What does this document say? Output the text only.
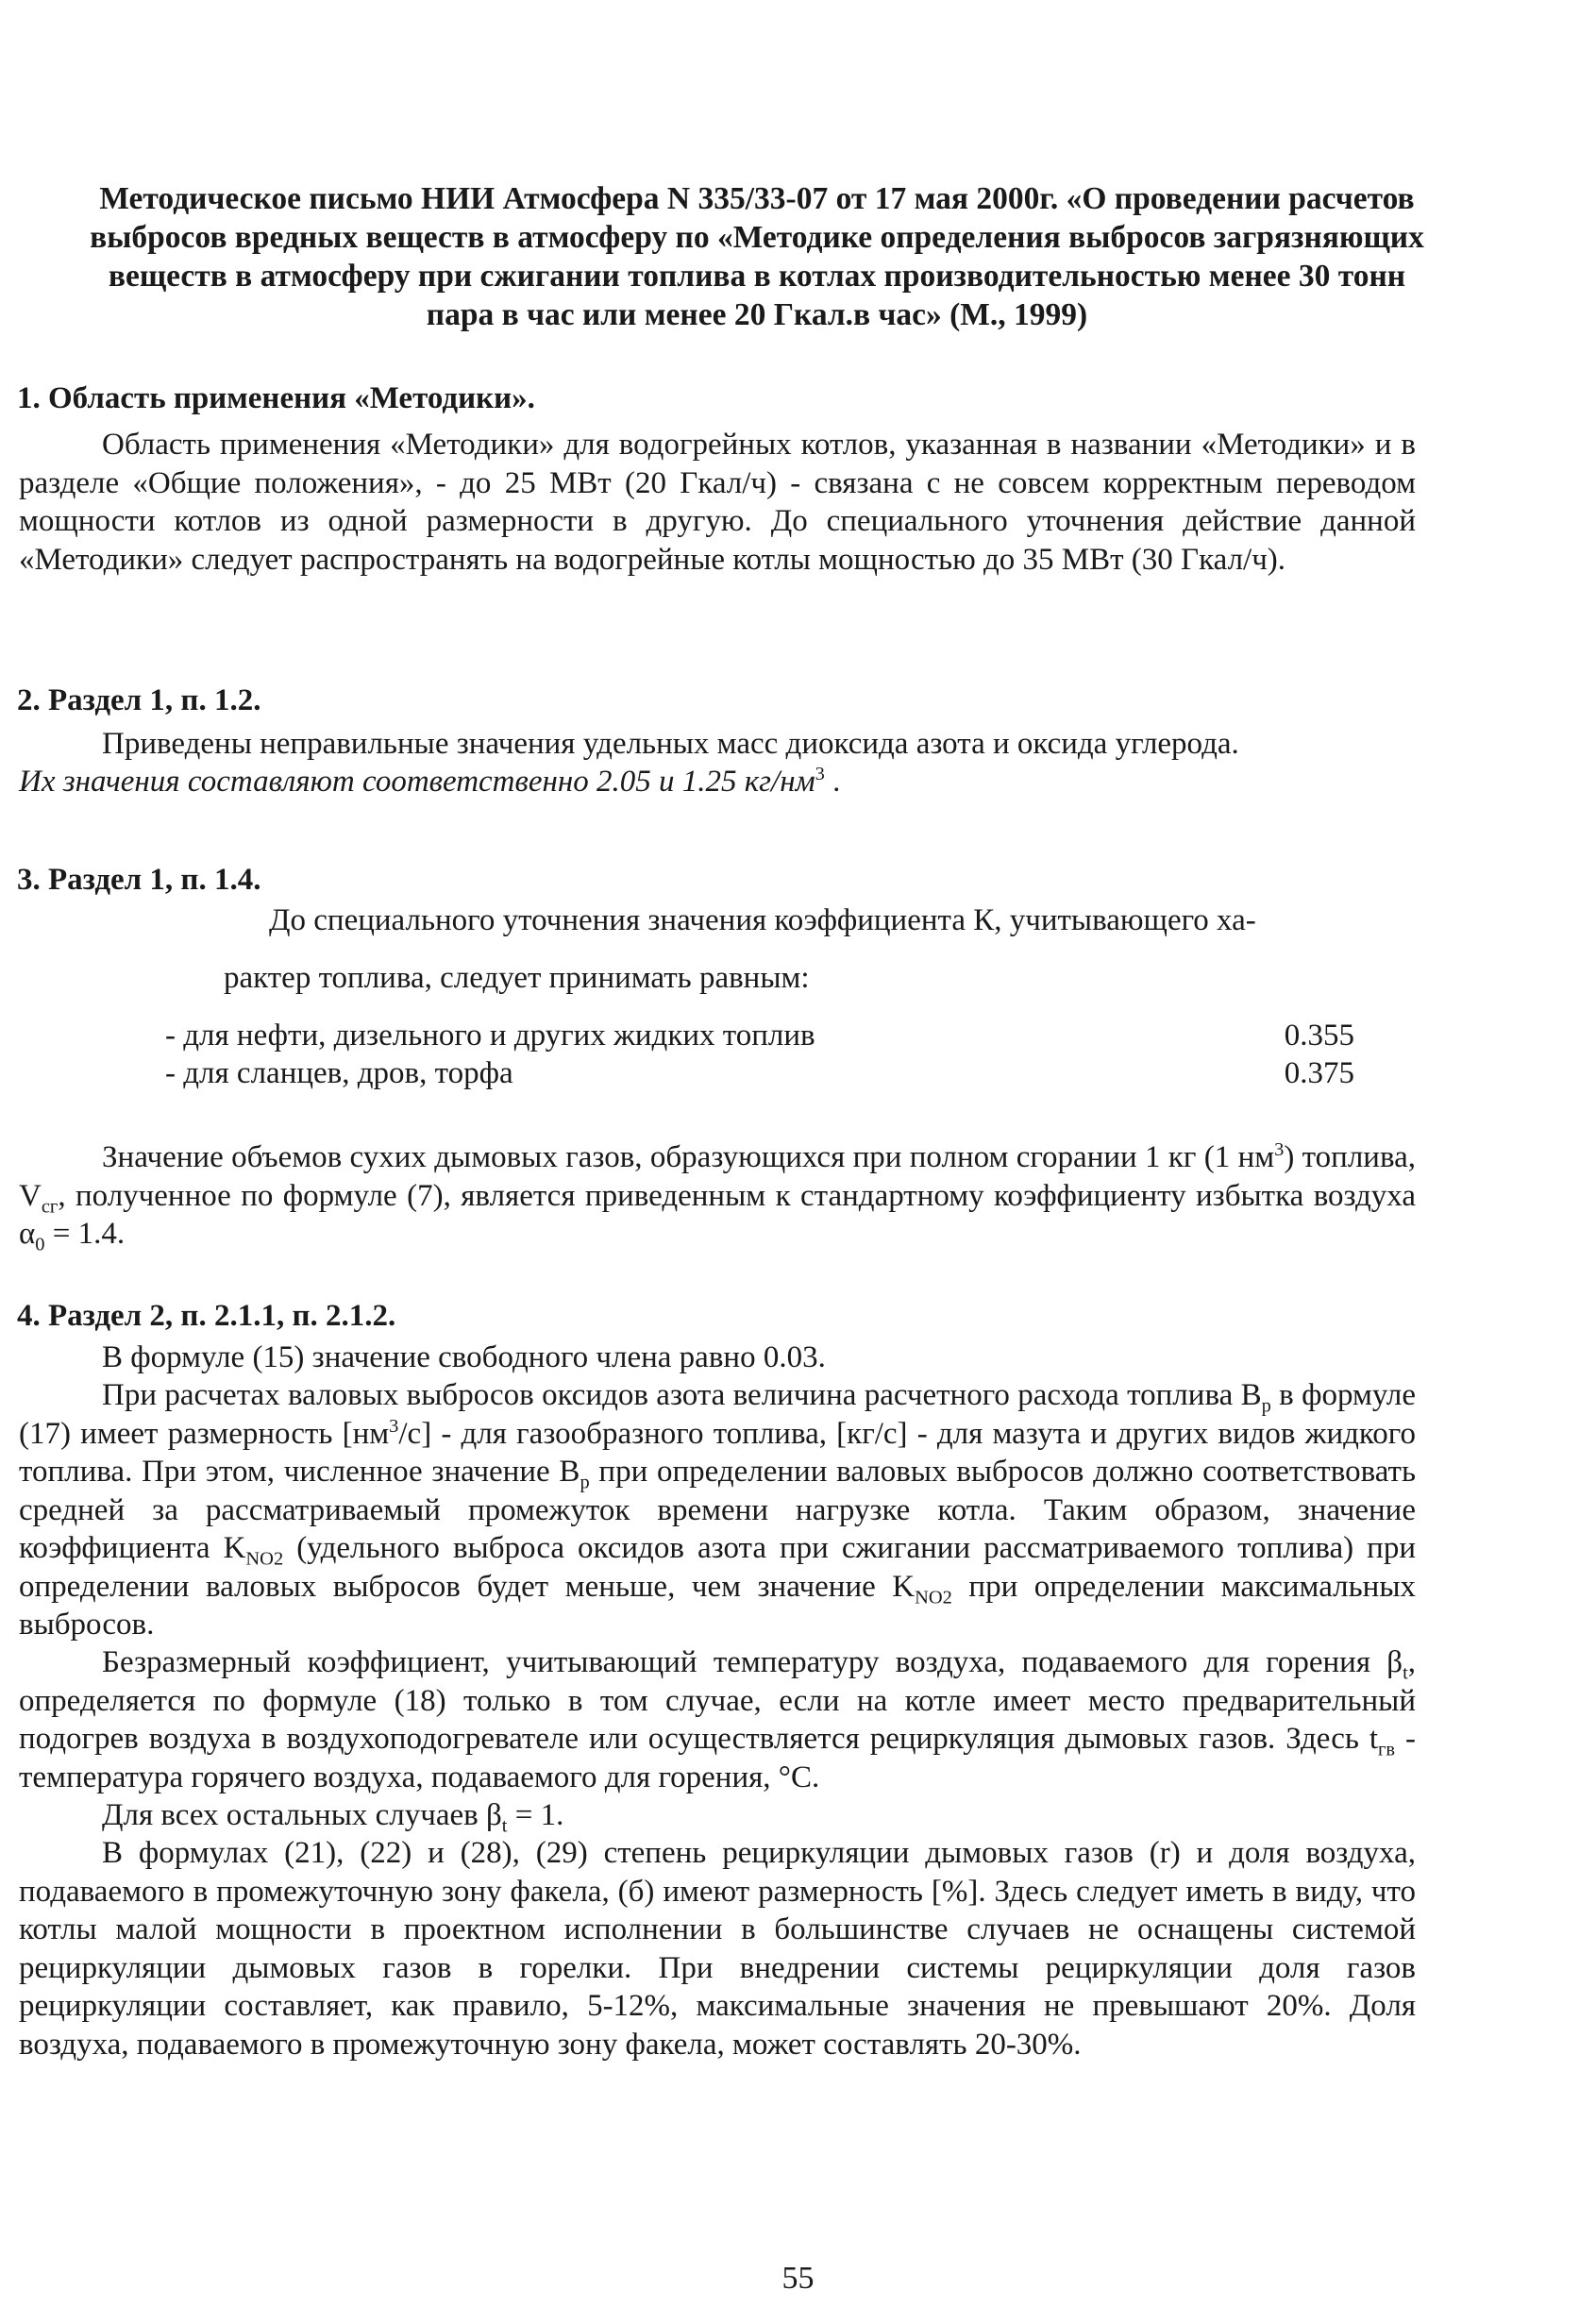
Методическое письмо НИИ Атмосфера N 335/33-07 от 17 мая 2000г. «О проведении расчетов выбросов вредных веществ в атмосферу по «Методике определения выбросов загрязняющих веществ в атмосферу при сжигании топлива в котлах производительностью менее 30 тонн пара в час или менее 20 Гкал.в час» (М., 1999)
1. Область применения «Методики».
Область применения «Методики» для водогрейных котлов, указанная в названии «Методики» и в разделе «Общие положения», - до 25 МВт (20 Гкал/ч) - связана с не совсем корректным переводом мощности котлов из одной размерности в другую. До специального уточнения действие данной «Методики» следует распространять на водогрейные котлы мощностью до 35 МВт (30 Гкал/ч).
2. Раздел 1, п. 1.2.
Приведены неправильные значения удельных масс диоксида азота и оксида углерода.
Их значения составляют соответственно 2.05 и 1.25 $кг/нм^3$ .
3. Раздел 1, п. 1.4.
До специального уточнения значения коэффициента К, учитывающего ха-
рактер топлива, следует принимать равным:
- для нефти, дизельного и других жидких топлив	0.355
- для сланцев, дров, торфа	0.375
Значение объемов сухих дымовых газов, образующихся при полном сгорании 1 кг (1 $нм^3$) топлива, $V_{сг}$, полученное по формуле (7), является приведенным к стандартному коэффициенту избытка воздуха $\alpha_0 = 1.4$.
4. Раздел 2, п. 2.1.1, п. 2.1.2.
В формуле (15) значение свободного члена равно 0.03.
При расчетах валовых выбросов оксидов азота величина расчетного расхода топлива $B_р$ в формуле (17) имеет размерность $[нм^3/c]$ - для газообразного топлива, [кг/с] - для мазута и других видов жидкого топлива. При этом, численное значение $B_р$ при определении валовых выбросов должно соответствовать средней за рассматриваемый промежуток времени нагрузке котла. Таким образом, значение коэффициента $K_{NO2}$ (удельного выброса оксидов азота при сжигании рассматриваемого топлива) при определении валовых выбросов будет меньше, чем значение $K_{NO2}$ при определении максимальных выбросов.
Безразмерный коэффициент, учитывающий температуру воздуха, подаваемого для горения $\beta_t$, определяется по формуле (18) только в том случае, если на котле имеет место предварительный подогрев воздуха в воздухоподогревателе или осуществляется рециркуляция дымовых газов. Здесь $t_{гв}$ - температура горячего воздуха, подаваемого для горения, °С.
Для всех остальных случаев $\beta_t = 1$.
В формулах (21), (22) и (28), (29) степень рециркуляции дымовых газов (r) и доля воздуха, подаваемого в промежуточную зону факела, (б) имеют размерность [%]. Здесь следует иметь в виду, что котлы малой мощности в проектном исполнении в большинстве случаев не оснащены системой рециркуляции дымовых газов в горелки. При внедрении системы рециркуляции доля газов рециркуляции составляет, как правило, 5-12%, максимальные значения не превышают 20%. Доля воздуха, подаваемого в промежуточную зону факела, может составлять 20-30%.
55
